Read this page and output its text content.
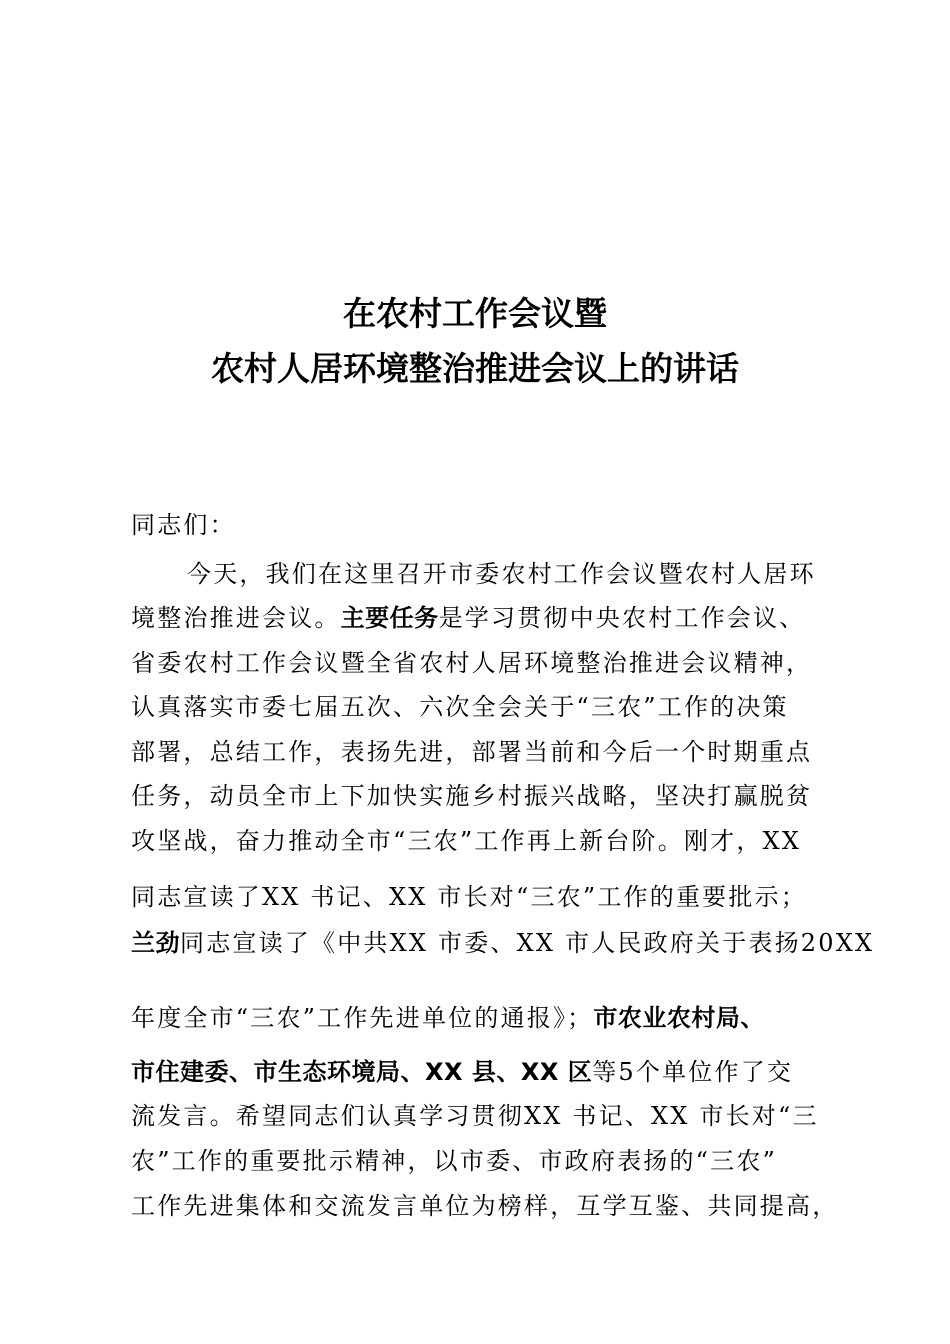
在农村工作会议暨
农村人居环境整治推进会议上的讲话
同志们：
今天，我们在这里召开市委农村工作会议暨农村人居环
境整治推进会议。主要任务是学习贯彻中央农村工作会议、
省委农村工作会议暨全省农村人居环境整治推进会议精神，
认真落实市委七届五次、六次全会关于“三农”工作的决策
部署，总结工作，表扬先进，部署当前和今后一个时期重点
任务，动员全市上下加快实施乡村振兴战略，坚决打赢脱贫
攻坚战，奋力推动全市“三农”工作再上新台阶。刚才，XX
同志宣读了XX 书记、XX 市长对“三农”工作的重要批示；
兰劲同志宣读了《中共XX 市委、XX 市人民政府关于表扬20XX
年度全市“三农”工作先进单位的通报》；市农业农村局、
市住建委、市生态环境局、XX 县、XX 区等5个单位作了交
流发言。希望同志们认真学习贯彻XX 书记、XX 市长对“三
农”工作的重要批示精神，以市委、市政府表扬的“三农”
工作先进集体和交流发言单位为榜样，互学互鉴、共同提高，
